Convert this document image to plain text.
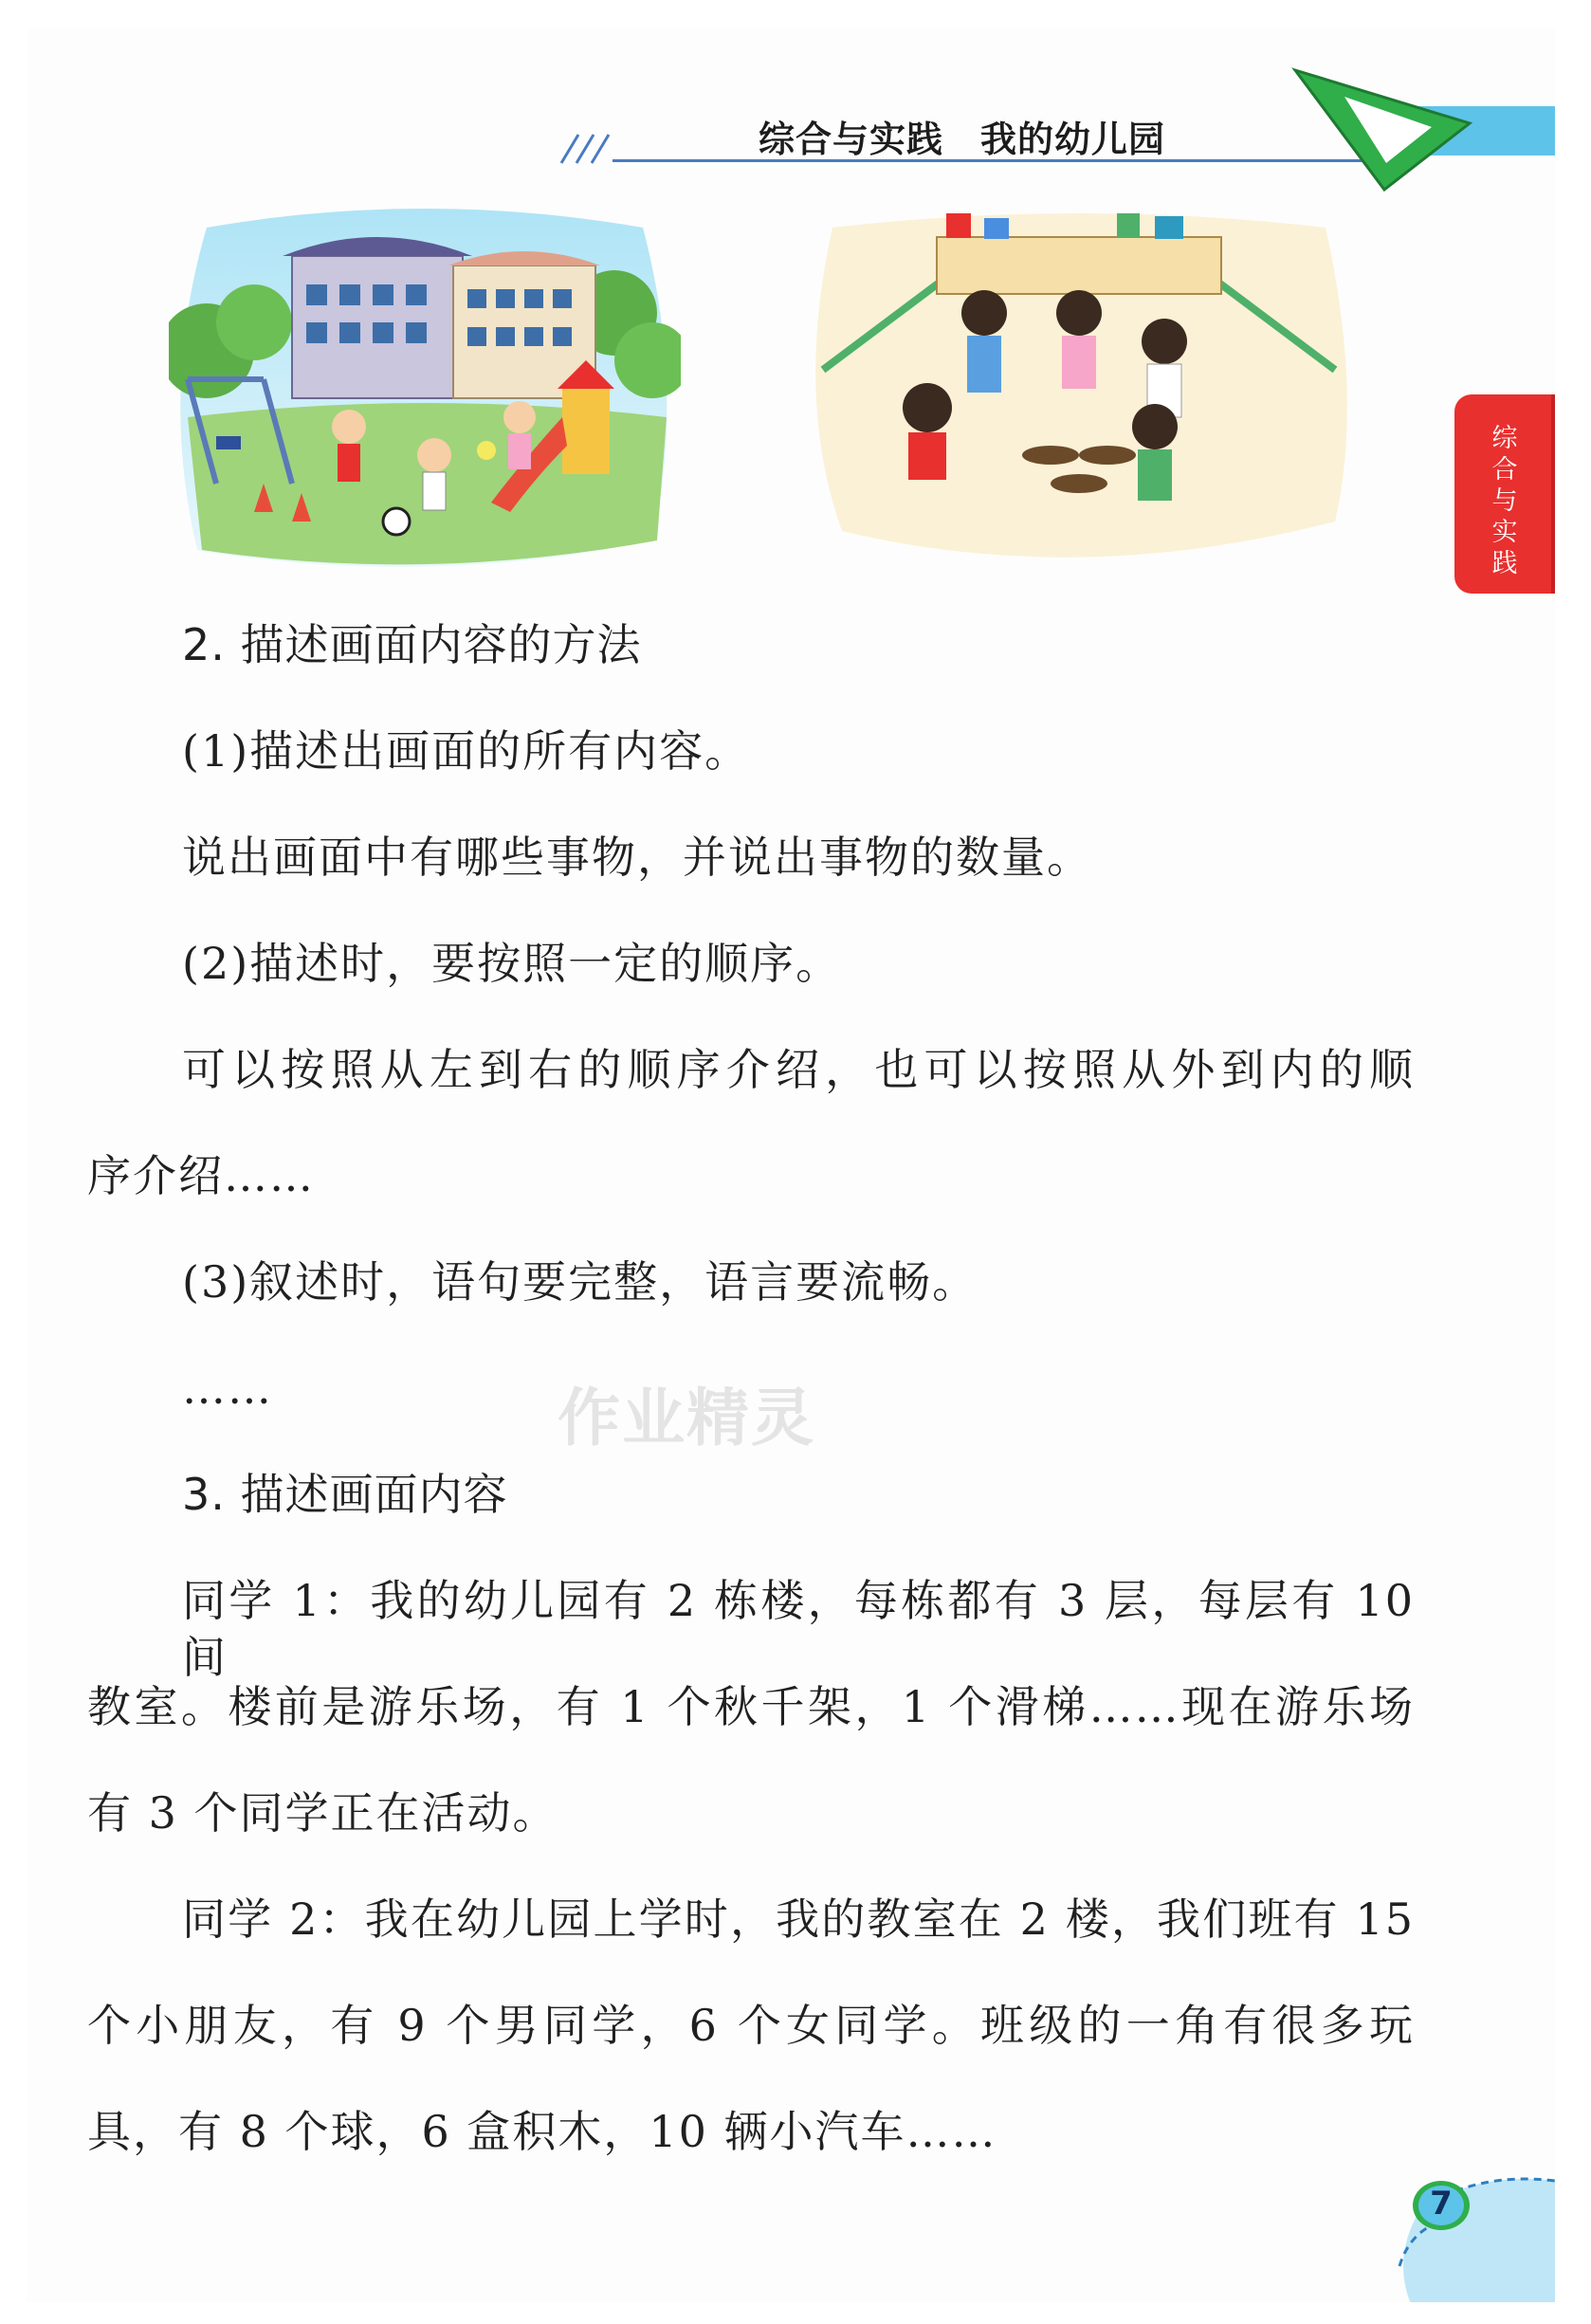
综合与实践　我的幼儿园
综合与实践
2. 描述画面内容的方法
(1)描述出画面的所有内容。
说出画面中有哪些事物，并说出事物的数量。
(2)描述时，要按照一定的顺序。
可以按照从左到右的顺序介绍，也可以按照从外到内的顺
序介绍……
(3)叙述时，语句要完整，语言要流畅。
……
3. 描述画面内容
同学 1：我的幼儿园有 2 栋楼，每栋都有 3 层，每层有 10 间
教室。楼前是游乐场，有 1 个秋千架，1 个滑梯……现在游乐场
有 3 个同学正在活动。
同学 2：我在幼儿园上学时，我的教室在 2 楼，我们班有 15
个小朋友，有 9 个男同学，6 个女同学。班级的一角有很多玩
具，有 8 个球，6 盒积木，10 辆小汽车……
作业精灵
7
